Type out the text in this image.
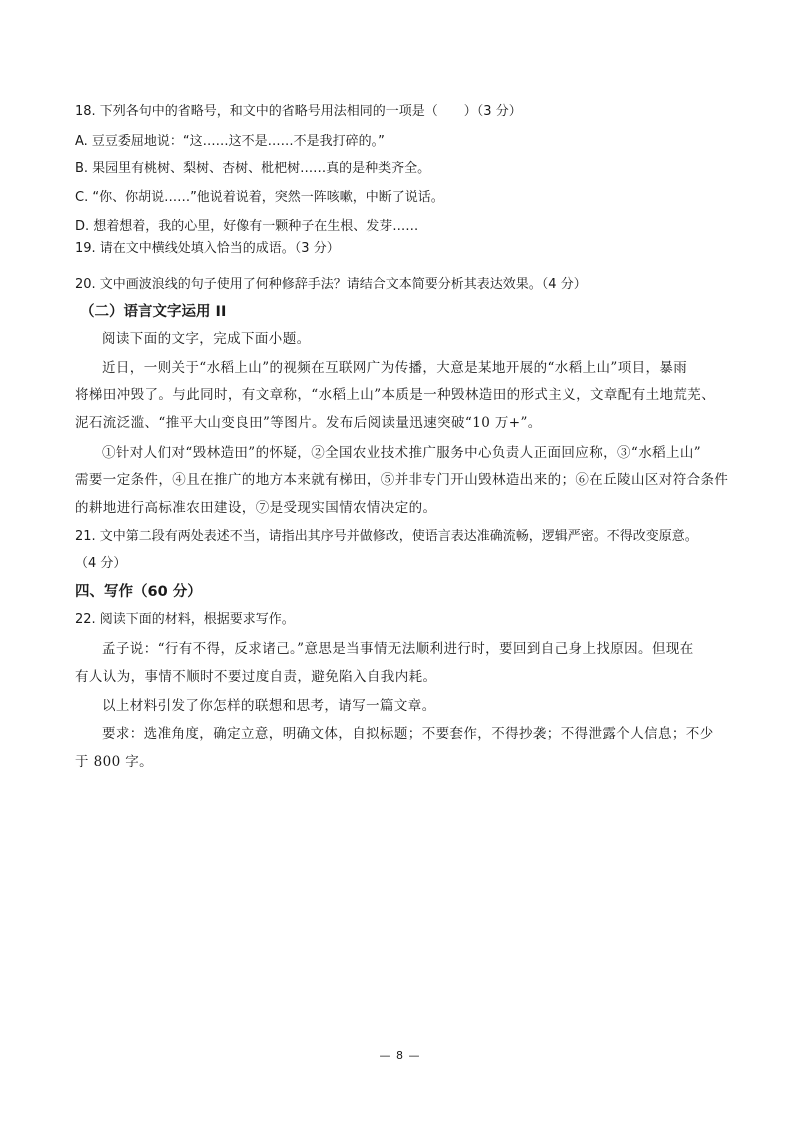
18. 下列各句中的省略号，和文中的省略号用法相同的一项是（　　）（3 分）
A. 豆豆委屈地说：“这……这不是……不是我打碎的。”
B. 果园里有桃树、梨树、杏树、枇杷树……真的是种类齐全。
C. “你、你胡说……”他说着说着，突然一阵咳嗽，中断了说话。
D. 想着想着，我的心里，好像有一颗种子在生根、发芽……
19. 请在文中横线处填入恰当的成语。（3 分）
20. 文中画波浪线的句子使用了何种修辞手法？请结合文本简要分析其表达效果。（4 分）
（二）语言文字运用 II
阅读下面的文字，完成下面小题。
近日，一则关于“水稻上山”的视频在互联网广为传播，大意是某地开展的“水稻上山”项目，暴雨
将梯田冲毁了。与此同时，有文章称，“水稻上山”本质是一种毁林造田的形式主义，文章配有土地荒芜、
泥石流泛滥、“推平大山变良田”等图片。发布后阅读量迅速突破“10 万+”。
①针对人们对“毁林造田”的怀疑，②全国农业技术推广服务中心负责人正面回应称，③“水稻上山”
需要一定条件，④且在推广的地方本来就有梯田，⑤并非专门开山毁林造出来的；⑥在丘陵山区对符合条件
的耕地进行高标准农田建设，⑦是受现实国情农情决定的。
21. 文中第二段有两处表述不当，请指出其序号并做修改，使语言表达准确流畅，逻辑严密。不得改变原意。
（4 分）
四、写作（60 分）
22. 阅读下面的材料，根据要求写作。
孟子说：“行有不得，反求诸己。”意思是当事情无法顺利进行时，要回到自己身上找原因。但现在
有人认为，事情不顺时不要过度自责，避免陷入自我内耗。
以上材料引发了你怎样的联想和思考，请写一篇文章。
要求：选准角度，确定立意，明确文体，自拟标题；不要套作，不得抄袭；不得泄露个人信息；不少
于 800 字。
— 8 —
